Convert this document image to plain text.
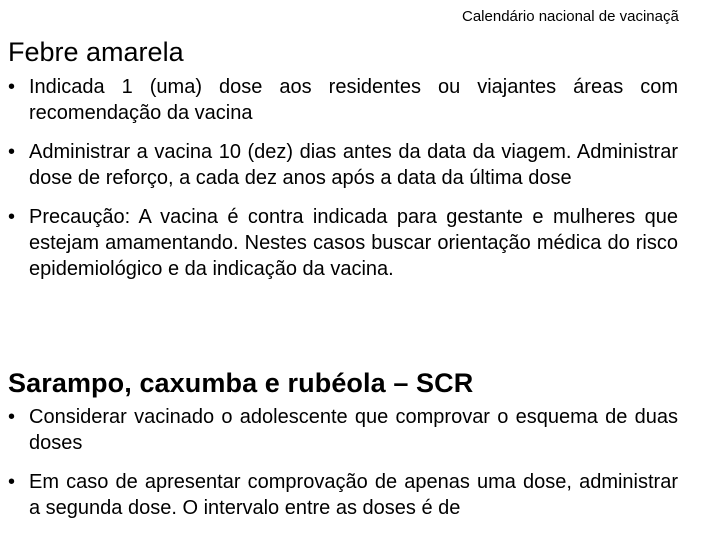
Calendário nacional de vacinaçã
Febre amarela
• Indicada 1 (uma) dose aos residentes ou viajantes áreas com recomendação da vacina
• Administrar a vacina 10 (dez) dias antes da data da viagem. Administrar dose de reforço, a cada dez anos após a data da última dose
• Precaução: A vacina é contra indicada para gestante e mulheres que estejam amamentando. Nestes casos buscar orientação médica do risco epidemiológico e da indicação da vacina.
Sarampo, caxumba e rubéola – SCR
• Considerar vacinado o adolescente que comprovar o esquema de duas doses
• Em caso de apresentar comprovação de apenas uma dose, administrar a segunda dose. O intervalo entre as doses é de
